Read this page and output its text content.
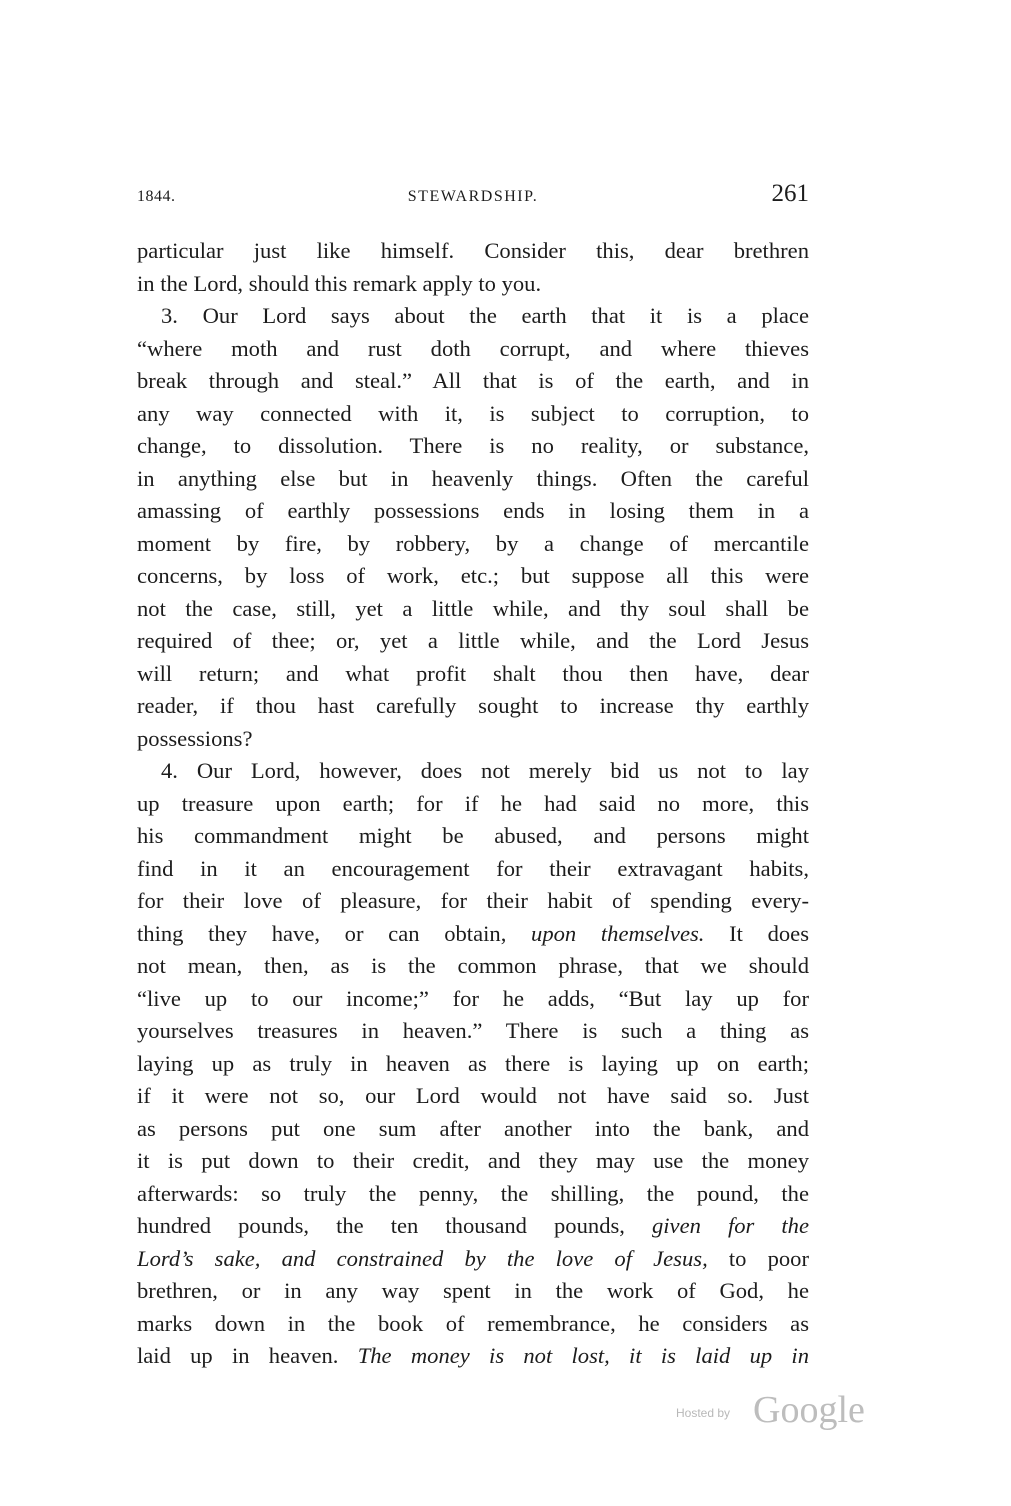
1844.	STEWARDSHIP.	261
particular just like himself. Consider this, dear brethren
in the Lord, should this remark apply to you.
3. Our Lord says about the earth that it is a place
“where moth and rust doth corrupt, and where thieves
break through and steal.” All that is of the earth, and in
any way connected with it, is subject to corruption, to
change, to dissolution. There is no reality, or substance,
in anything else but in heavenly things. Often the careful
amassing of earthly possessions ends in losing them in a
moment by fire, by robbery, by a change of mercantile
concerns, by loss of work, etc.; but suppose all this were
not the case, still, yet a little while, and thy soul shall be
required of thee; or, yet a little while, and the Lord Jesus
will return; and what profit shalt thou then have, dear
reader, if thou hast carefully sought to increase thy earthly
possessions?
4. Our Lord, however, does not merely bid us not to lay
up treasure upon earth; for if he had said no more, this
his commandment might be abused, and persons might
find in it an encouragement for their extravagant habits,
for their love of pleasure, for their habit of spending every-
thing they have, or can obtain, upon themselves. It does
not mean, then, as is the common phrase, that we should
“live up to our income;” for he adds, “But lay up for
yourselves treasures in heaven.” There is such a thing as
laying up as truly in heaven as there is laying up on earth;
if it were not so, our Lord would not have said so. Just
as persons put one sum after another into the bank, and
it is put down to their credit, and they may use the money
afterwards: so truly the penny, the shilling, the pound, the
hundred pounds, the ten thousand pounds, given for the
Lord’s sake, and constrained by the love of Jesus, to poor
brethren, or in any way spent in the work of God, he
marks down in the book of remembrance, he considers as
laid up in heaven. The money is not lost, it is laid up in
Hosted by Google
